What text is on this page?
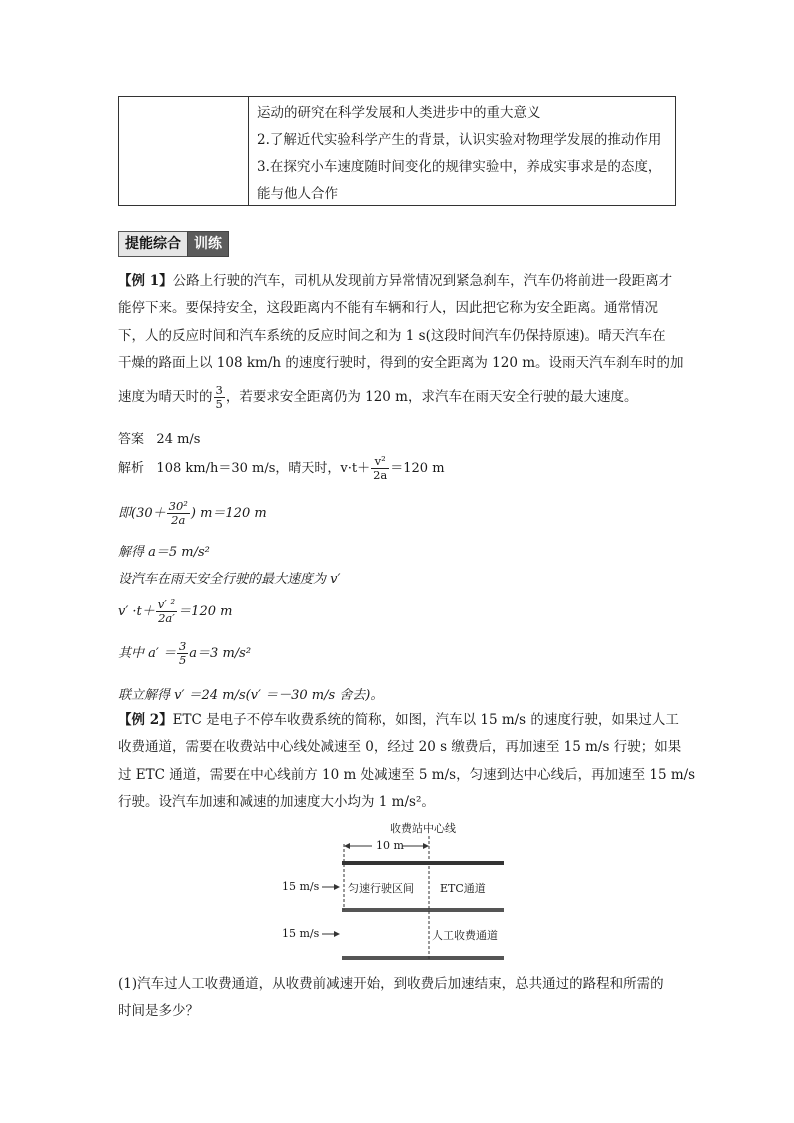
运动的研究在科学发展和人类进步中的重大意义
2.了解近代实验科学产生的背景，认识实验对物理学发展的推动作用
3.在探究小车速度随时间变化的规律实验中，养成实事求是的态度，
能与他人合作
提能综合 训练
【例 1】公路上行驶的汽车，司机从发现前方异常情况到紧急刹车，汽车仍将前进一段距离才
能停下来。要保持安全，这段距离内不能有车辆和行人，因此把它称为安全距离。通常情况
下，人的反应时间和汽车系统的反应时间之和为 1 s(这段时间汽车仍保持原速)。晴天汽车在
干燥的路面上以 108 km/h 的速度行驶时，得到的安全距离为 120 m。设雨天汽车刹车时的加
速度为晴天时的 $\frac{3}{5}$ ，若要求安全距离仍为 120 m，求汽车在雨天安全行驶的最大速度。
答案 24 m/s
解析 108 km/h＝30 m/s，晴天时，$v\cdot t+ \frac{\text{v²}}{2a} =120$ m
即($30+ \frac{\text{30²}}{2a}$ ) m＝120 m
解得 a＝5 m/s²
设汽车在雨天安全行驶的最大速度为 v′
$v' \cdot t+ \frac{\text{v′ ²}}{2a'} =120$ m
其中 $a' = \frac{3}{5} a=3$ m/s²
联立解得 v′ ＝24 m/s(v′ ＝－30 m/s 舍去)。
【例 2】ETC 是电子不停车收费系统的简称，如图，汽车以 15 m/s 的速度行驶，如果过人工
收费通道，需要在收费站中心线处减速至 0，经过 20 s 缴费后，再加速至 15 m/s 行驶；如果
过 ETC 通道，需要在中心线前方 10 m 处减速至 5 m/s，匀速到达中心线后，再加速至 15 m/s
行驶。设汽车加速和减速的加速度大小均为 1 m/s²。
收费站中心线
10 m
15 m/s
15 m/s
匀速行驶区间 ETC通道
人工收费通道
(1)汽车过人工收费通道，从收费前减速开始，到收费后加速结束，总共通过的路程和所需的
时间是多少？
